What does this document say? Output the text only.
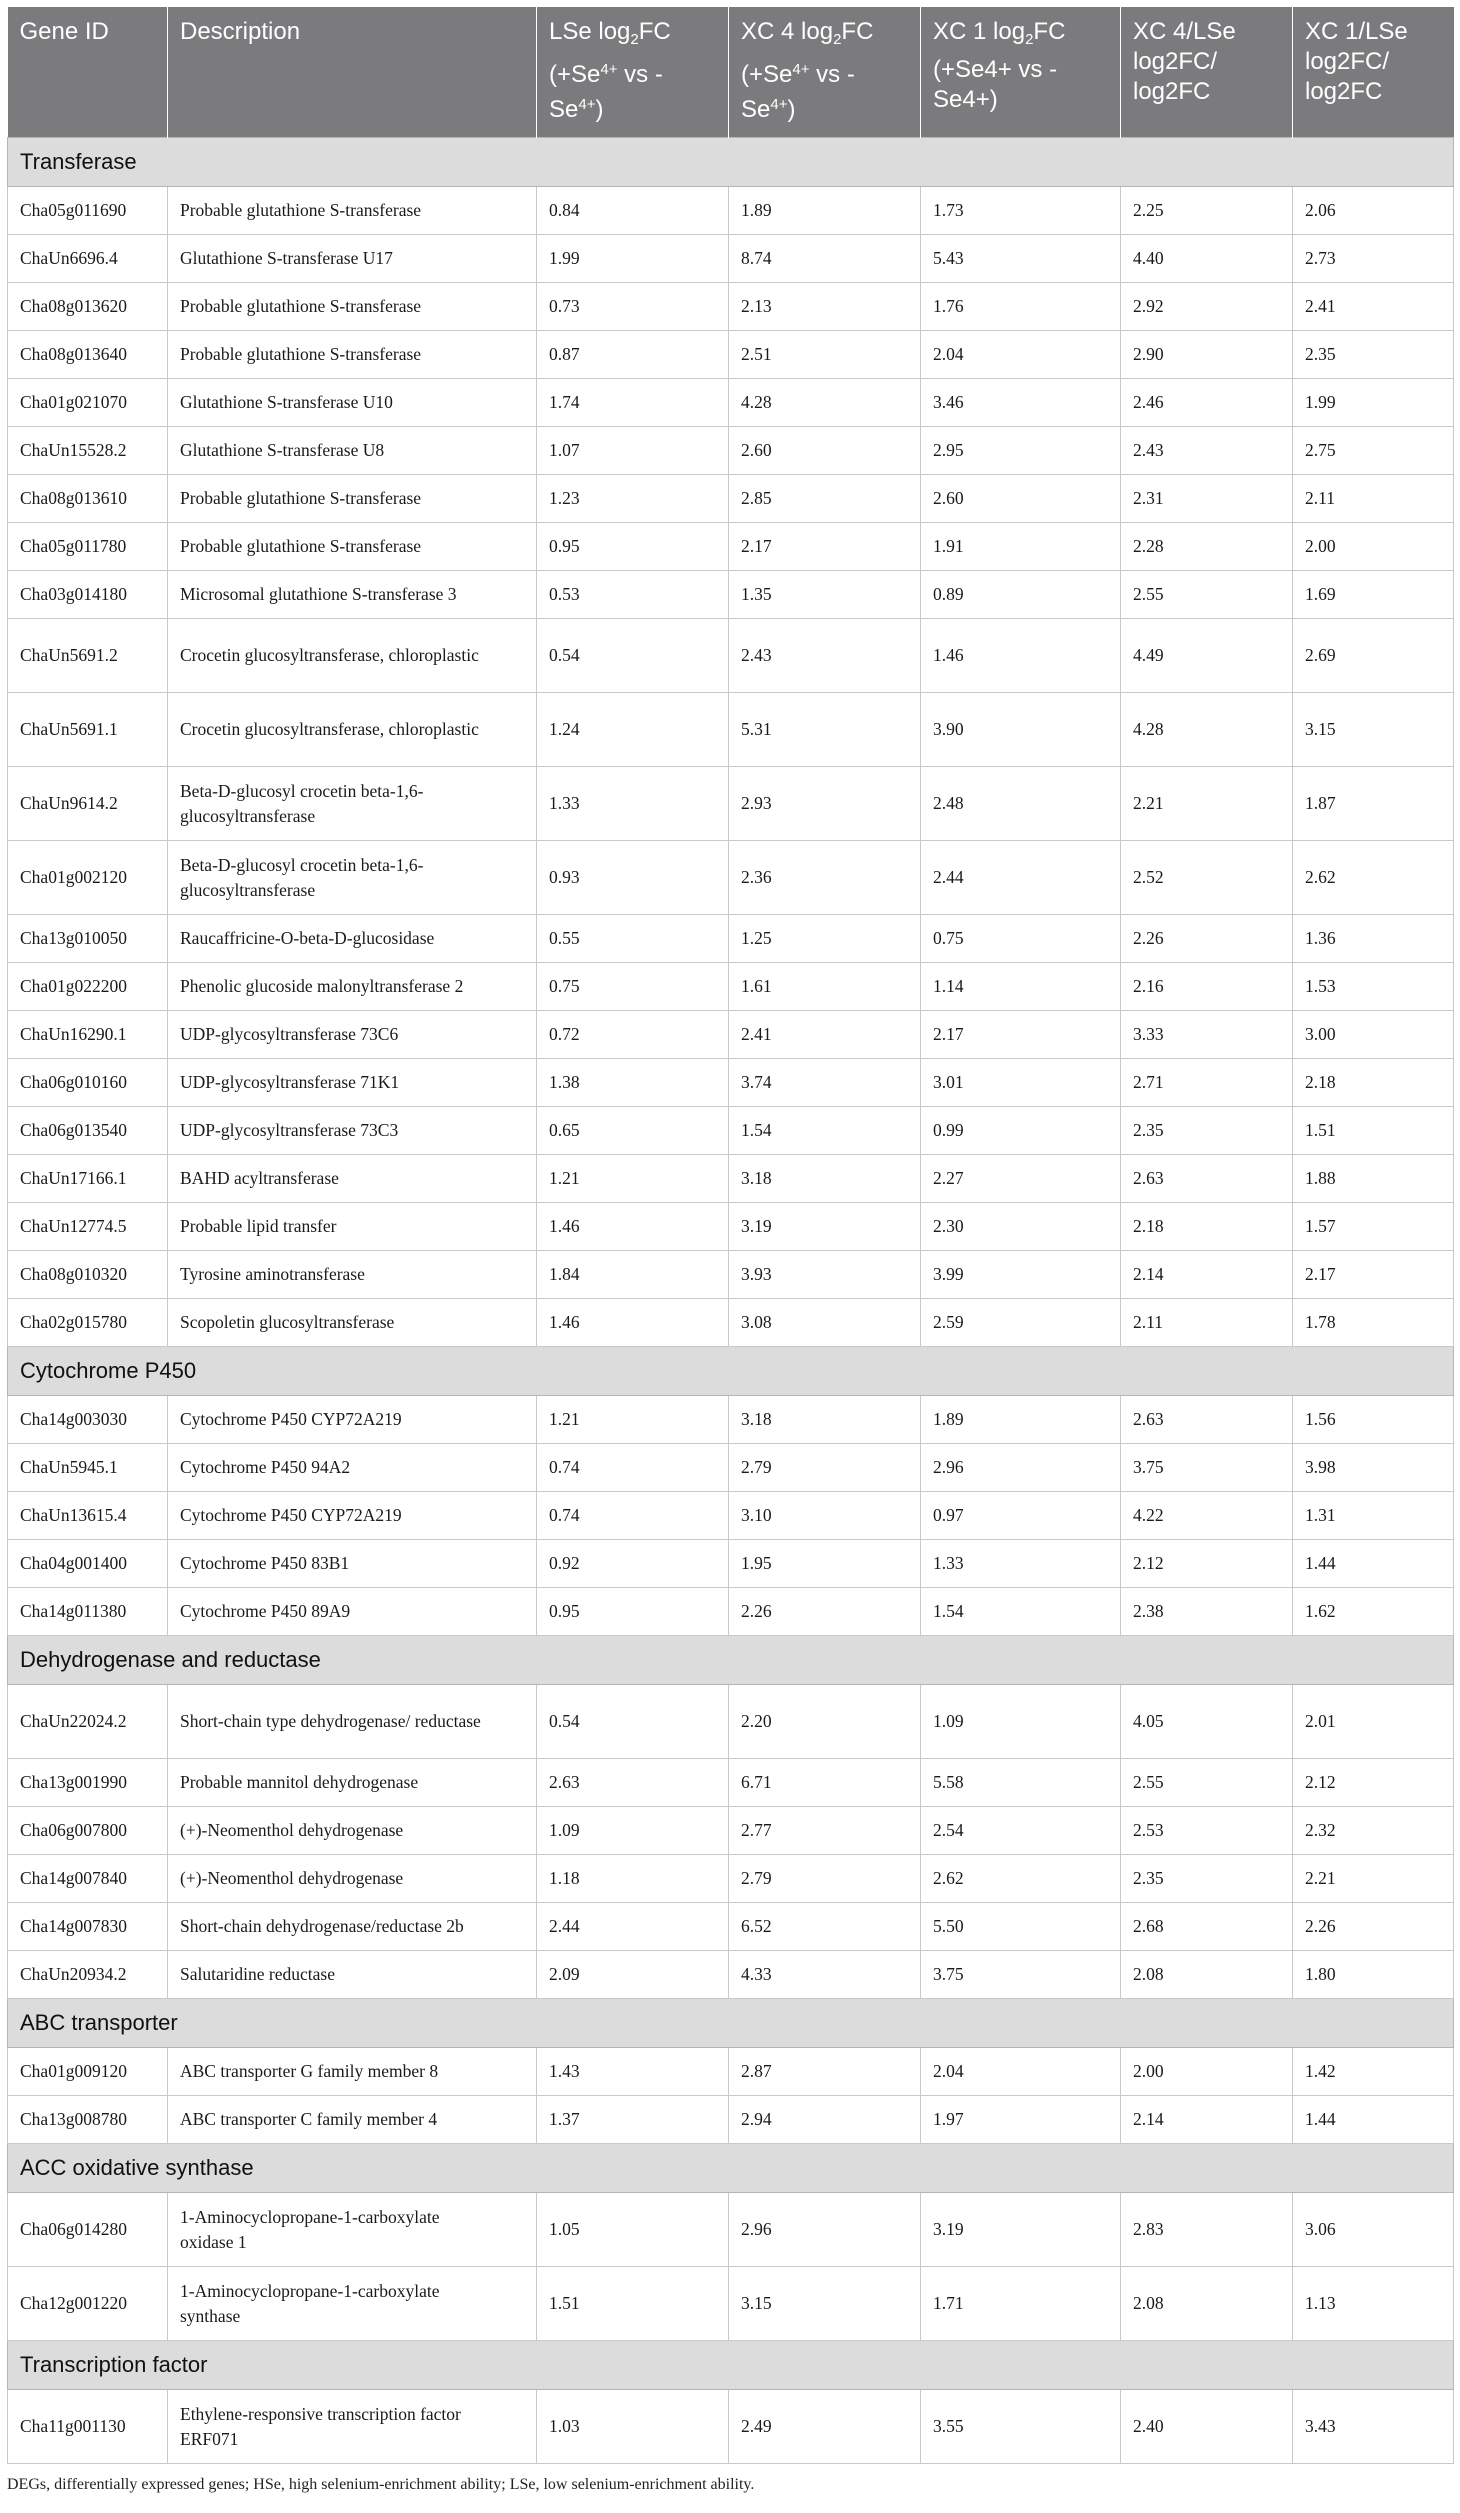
Gene ID	Description	LSe $\log_2FC$ ($+Se^{4+}$ vs $-Se^{4+}$)	XC 4 $\log_2FC$ ($+Se^{4+}$ vs $-Se^{4+}$)	XC 1 $\log_2FC$ (+Se4+ vs -Se4+)	XC 4/LSe log2FC/ log2FC	XC 1/LSe log2FC/ log2FC
Transferase						
Cha05g011690	Probable glutathione S-transferase	0.84	1.89	1.73	2.25	2.06
ChaUn6696.4	Glutathione S-transferase U17	1.99	8.74	5.43	4.40	2.73
Cha08g013620	Probable glutathione S-transferase	0.73	2.13	1.76	2.92	2.41
Cha08g013640	Probable glutathione S-transferase	0.87	2.51	2.04	2.90	2.35
Cha01g021070	Glutathione S-transferase U10	1.74	4.28	3.46	2.46	1.99
ChaUn15528.2	Glutathione S-transferase U8	1.07	2.60	2.95	2.43	2.75
Cha08g013610	Probable glutathione S-transferase	1.23	2.85	2.60	2.31	2.11
Cha05g011780	Probable glutathione S-transferase	0.95	2.17	1.91	2.28	2.00
Cha03g014180	Microsomal glutathione S-transferase 3	0.53	1.35	0.89	2.55	1.69
ChaUn5691.2	Crocetin glucosyltransferase, chloroplastic	0.54	2.43	1.46	4.49	2.69
ChaUn5691.1	Crocetin glucosyltransferase, chloroplastic	1.24	5.31	3.90	4.28	3.15
ChaUn9614.2	Beta-D-glucosyl crocetin beta-1,6-glucosyltransferase	1.33	2.93	2.48	2.21	1.87
Cha01g002120	Beta-D-glucosyl crocetin beta-1,6-glucosyltransferase	0.93	2.36	2.44	2.52	2.62
Cha13g010050	Raucaffricine-O-beta-D-glucosidase	0.55	1.25	0.75	2.26	1.36
Cha01g022200	Phenolic glucoside malonyltransferase 2	0.75	1.61	1.14	2.16	1.53
ChaUn16290.1	UDP-glycosyltransferase 73C6	0.72	2.41	2.17	3.33	3.00
Cha06g010160	UDP-glycosyltransferase 71K1	1.38	3.74	3.01	2.71	2.18
Cha06g013540	UDP-glycosyltransferase 73C3	0.65	1.54	0.99	2.35	1.51
ChaUn17166.1	BAHD acyltransferase	1.21	3.18	2.27	2.63	1.88
ChaUn12774.5	Probable lipid transfer	1.46	3.19	2.30	2.18	1.57
Cha08g010320	Tyrosine aminotransferase	1.84	3.93	3.99	2.14	2.17
Cha02g015780	Scopoletin glucosyltransferase	1.46	3.08	2.59	2.11	1.78
Cytochrome P450						
Cha14g003030	Cytochrome P450 CYP72A219	1.21	3.18	1.89	2.63	1.56
ChaUn5945.1	Cytochrome P450 94A2	0.74	2.79	2.96	3.75	3.98
ChaUn13615.4	Cytochrome P450 CYP72A219	0.74	3.10	0.97	4.22	1.31
Cha04g001400	Cytochrome P450 83B1	0.92	1.95	1.33	2.12	1.44
Cha14g011380	Cytochrome P450 89A9	0.95	2.26	1.54	2.38	1.62
Dehydrogenase and reductase						
ChaUn22024.2	Short-chain type dehydrogenase/ reductase	0.54	2.20	1.09	4.05	2.01
Cha13g001990	Probable mannitol dehydrogenase	2.63	6.71	5.58	2.55	2.12
Cha06g007800	(+)-Neomenthol dehydrogenase	1.09	2.77	2.54	2.53	2.32
Cha14g007840	(+)-Neomenthol dehydrogenase	1.18	2.79	2.62	2.35	2.21
Cha14g007830	Short-chain dehydrogenase/reductase 2b	2.44	6.52	5.50	2.68	2.26
ChaUn20934.2	Salutaridine reductase	2.09	4.33	3.75	2.08	1.80
ABC transporter						
Cha01g009120	ABC transporter G family member 8	1.43	2.87	2.04	2.00	1.42
Cha13g008780	ABC transporter C family member 4	1.37	2.94	1.97	2.14	1.44
ACC oxidative synthase						
Cha06g014280	1-Aminocyclopropane-1-carboxylate oxidase 1	1.05	2.96	3.19	2.83	3.06
Cha12g001220	1-Aminocyclopropane-1-carboxylate synthase	1.51	3.15	1.71	2.08	1.13
Transcription factor						
Cha11g001130	Ethylene-responsive transcription factor ERF071	1.03	2.49	3.55	2.40	3.43
DEGs, differentially expressed genes; HSe, high selenium-enrichment ability; LSe, low selenium-enrichment ability.
